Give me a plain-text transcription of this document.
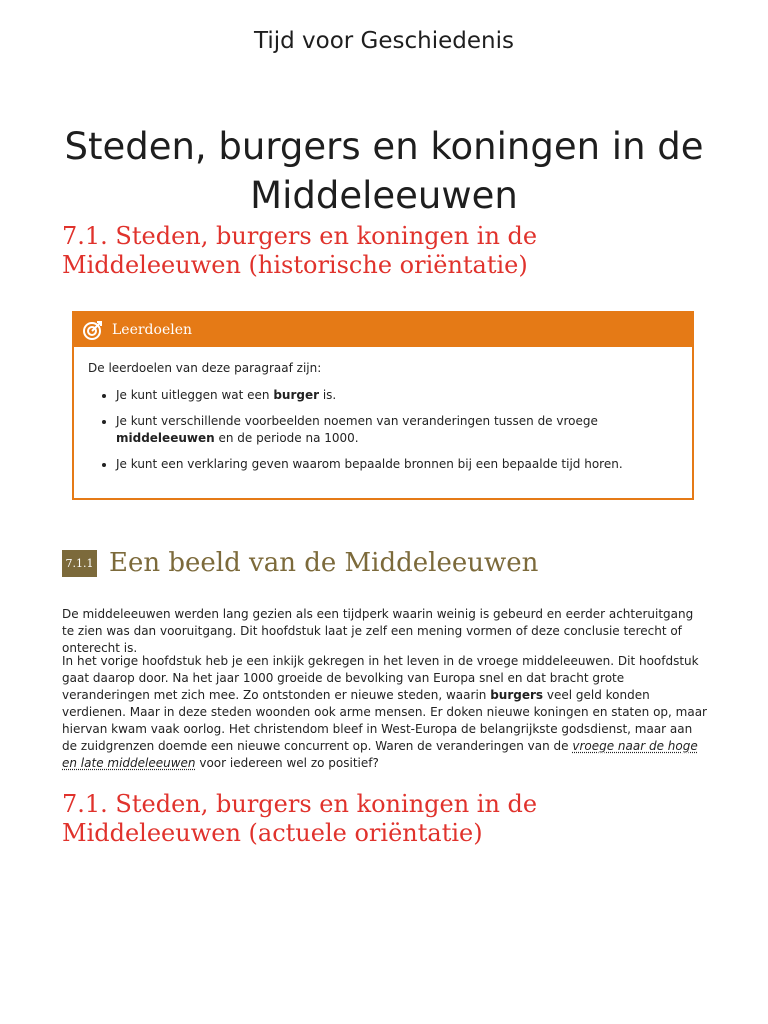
Tijd voor Geschiedenis
Steden, burgers en koningen in de Middeleeuwen
7.1. Steden, burgers en koningen in de Middeleeuwen (historische oriëntatie)
Leerdoelen

De leerdoelen van deze paragraaf zijn:

• Je kunt uitleggen wat een burger is.
• Je kunt verschillende voorbeelden noemen van veranderingen tussen de vroege middeleeuwen en de periode na 1000.
• Je kunt een verklaring geven waarom bepaalde bronnen bij een bepaalde tijd horen.
7.1.1 Een beeld van de Middeleeuwen

De middeleeuwen werden lang gezien als een tijdperk waarin weinig is gebeurd en eerder achteruitgang te zien was dan vooruitgang. Dit hoofdstuk laat je zelf een mening vormen of deze conclusie terecht of onterecht is.

In het vorige hoofdstuk heb je een inkijk gekregen in het leven in de vroege middeleeuwen. Dit hoofdstuk gaat daarop door. Na het jaar 1000 groeide de bevolking van Europa snel en dat bracht grote veranderingen met zich mee. Zo ontstonden er nieuwe steden, waarin burgers veel geld konden verdienen. Maar in deze steden woonden ook arme mensen. Er doken nieuwe koningen en staten op, maar hiervan kwam vaak oorlog. Het christendom bleef in West-Europa de belangrijkste godsdienst, maar aan de zuidgrenzen doemde een nieuwe concurrent op. Waren de veranderingen van de vroege naar de hoge en late middeleeuwen voor iedereen wel zo positief?

7.1. Steden, burgers en koningen in de Middeleeuwen (actuele oriëntatie)
